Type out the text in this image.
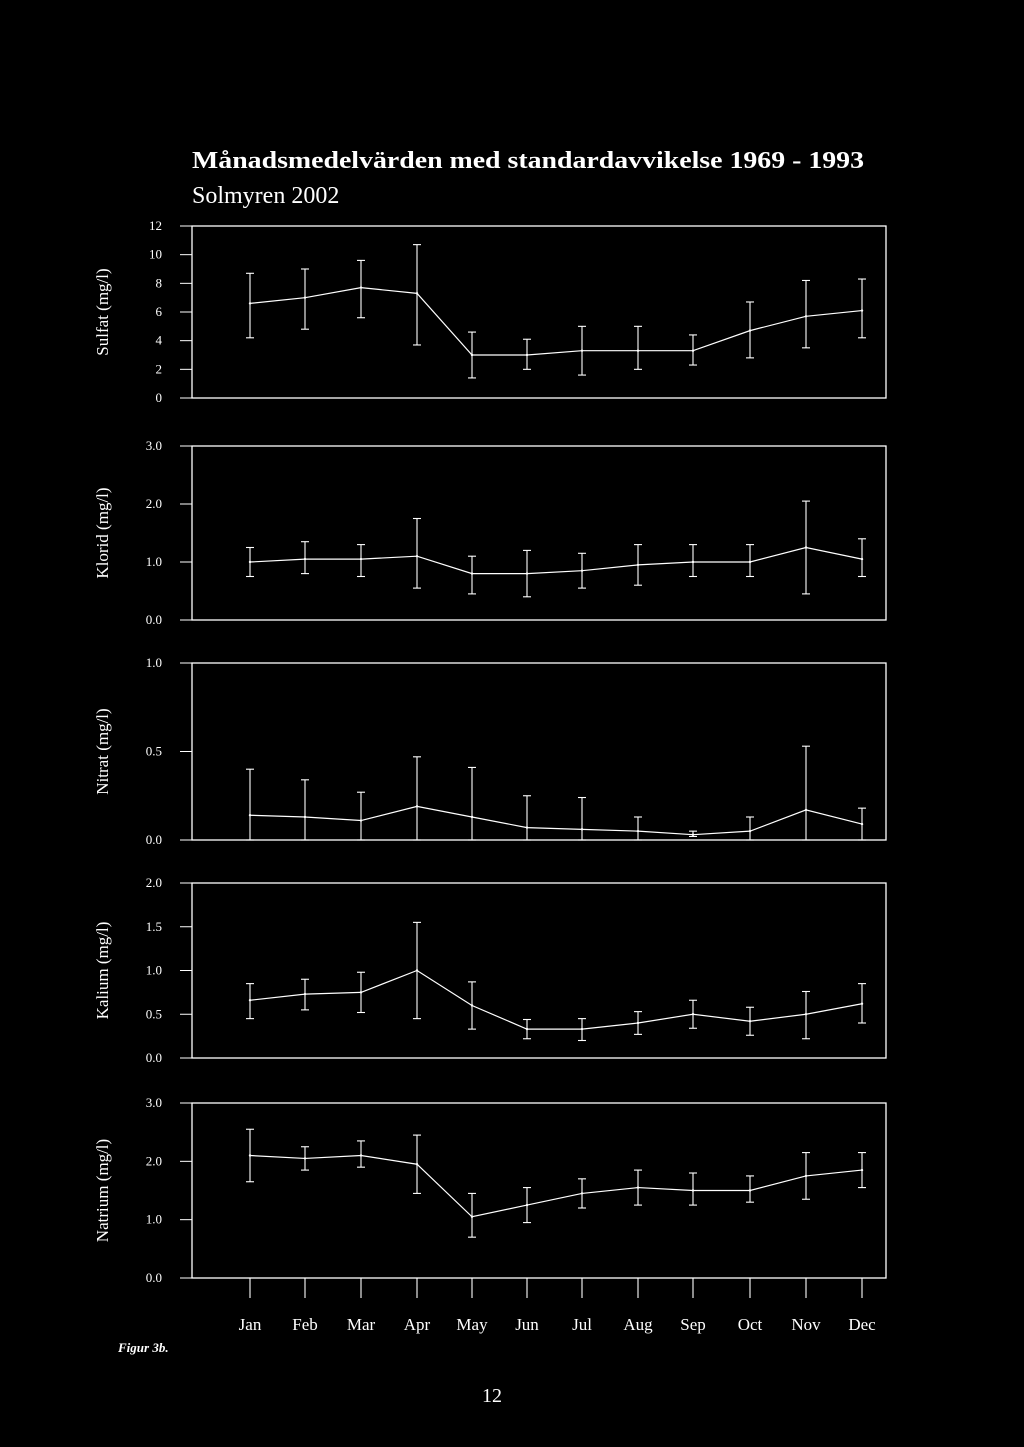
Månadsmedelvärden med standardavvikelse 1969 - 1993
Solmyren 2002
Sulfat (mg/l)
0
2
4
6
8
10
12
Klorid (mg/l)
0.0
1.0
2.0
3.0
Nitrat (mg/l)
0.0
0.5
1.0
Kalium (mg/l)
0.0
0.5
1.0
1.5
2.0
Natrium (mg/l)
0.0
1.0
2.0
3.0
Jan Feb Mar Apr May Jun Jul Aug Sep Oct Nov Dec
Figur 3b.
12
